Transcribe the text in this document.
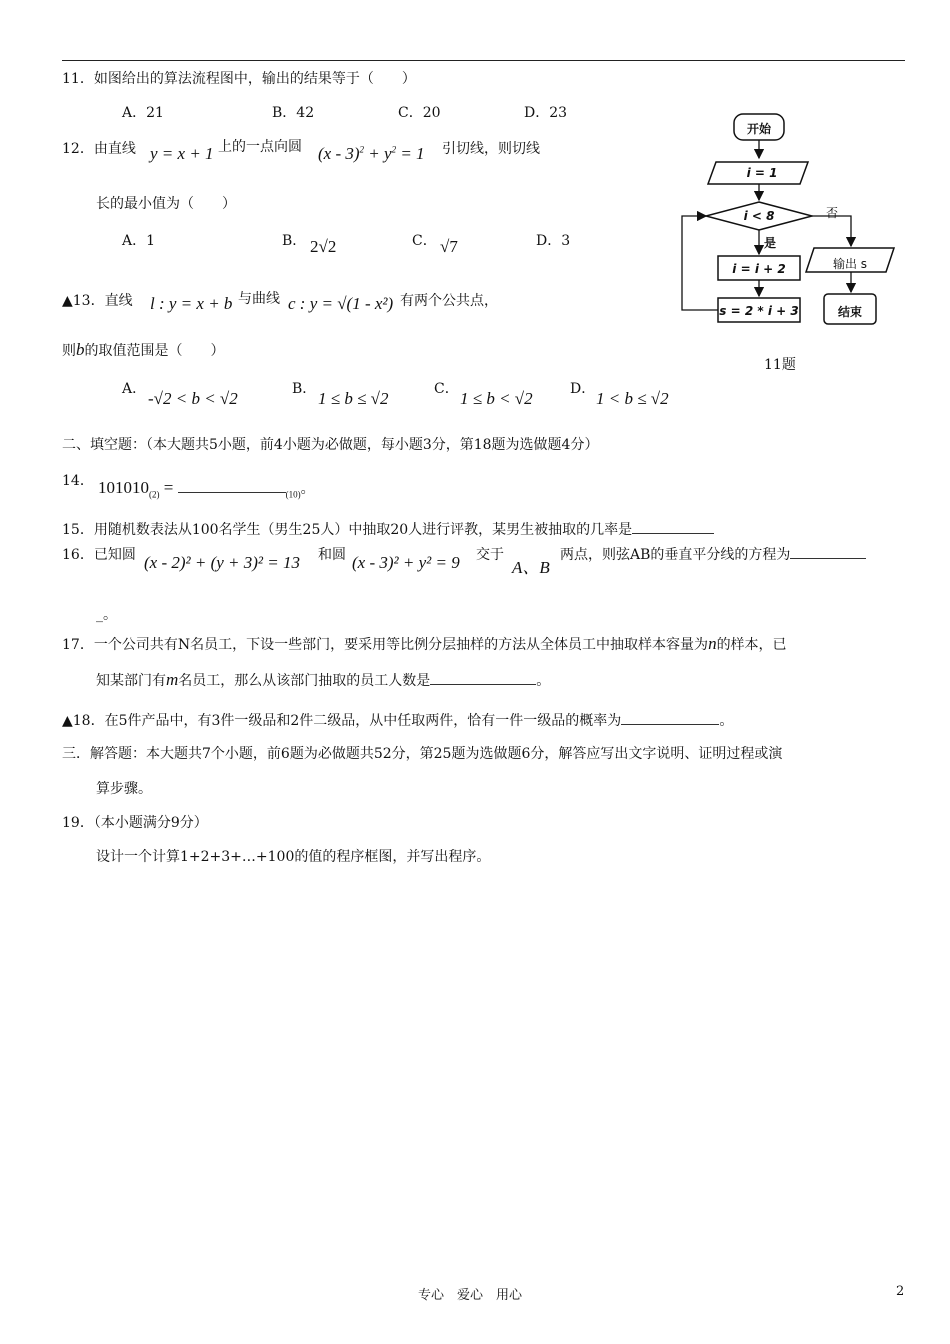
11．如图给出的算法流程图中，输出的结果等于（　　）
A．21	B．42	C．20	D．23
12．由直线 y = x + 1 上的一点向圆 $(x - 3)^2 + y^2 = 1$ 引切线，则切线
长的最小值为（　　）
A．1	B． 2√2	C． √7	D．3
▲13．直线 l : y = x + b 与曲线 c : y = √(1 - x²) 有两个公共点，
则b的取值范围是（　　）
A． -√2 < b < √2	B． 1 ≤ b ≤ √2	C． 1 ≤ b < √2	D． 1 < b ≤ √2
二、填空题：（本大题共5小题，前4小题为必做题，每小题3分，第18题为选做题4分）
14． $101010_{(2)}$ =	$_{(10)}$。
15．用随机数表法从100名学生（男生25人）中抽取20人进行评教，某男生被抽取的几率是
16．已知圆 (x - 2)² + (y + 3)² = 13 和圆 (x - 3)² + y² = 9 交于
A、B
两点，则弦AB的垂直平分线的方程为
_。
17．一个公司共有N名员工，下设一些部门，要采用等比例分层抽样的方法从全体员工中抽取样本容量为n的样本，已
知某部门有m名员工，那么从该部门抽取的员工人数是	。
▲18．在5件产品中，有3件一级品和2件二级品，从中任取两件，恰有一件一级品的概率为	。
三．解答题：本大题共7个小题，前6题为必做题共52分，第25题为选做题6分，解答应写出文字说明、证明过程或演
算步骤。
19．（本小题满分9分）
设计一个计算1+2+3+…+100的值的程序框图，并写出程序。
开始
i = 1
i < 8	否
是
i = i + 2
s = 2 * i + 3
输出 s
结束
11题
专心　爱心　用心	2
